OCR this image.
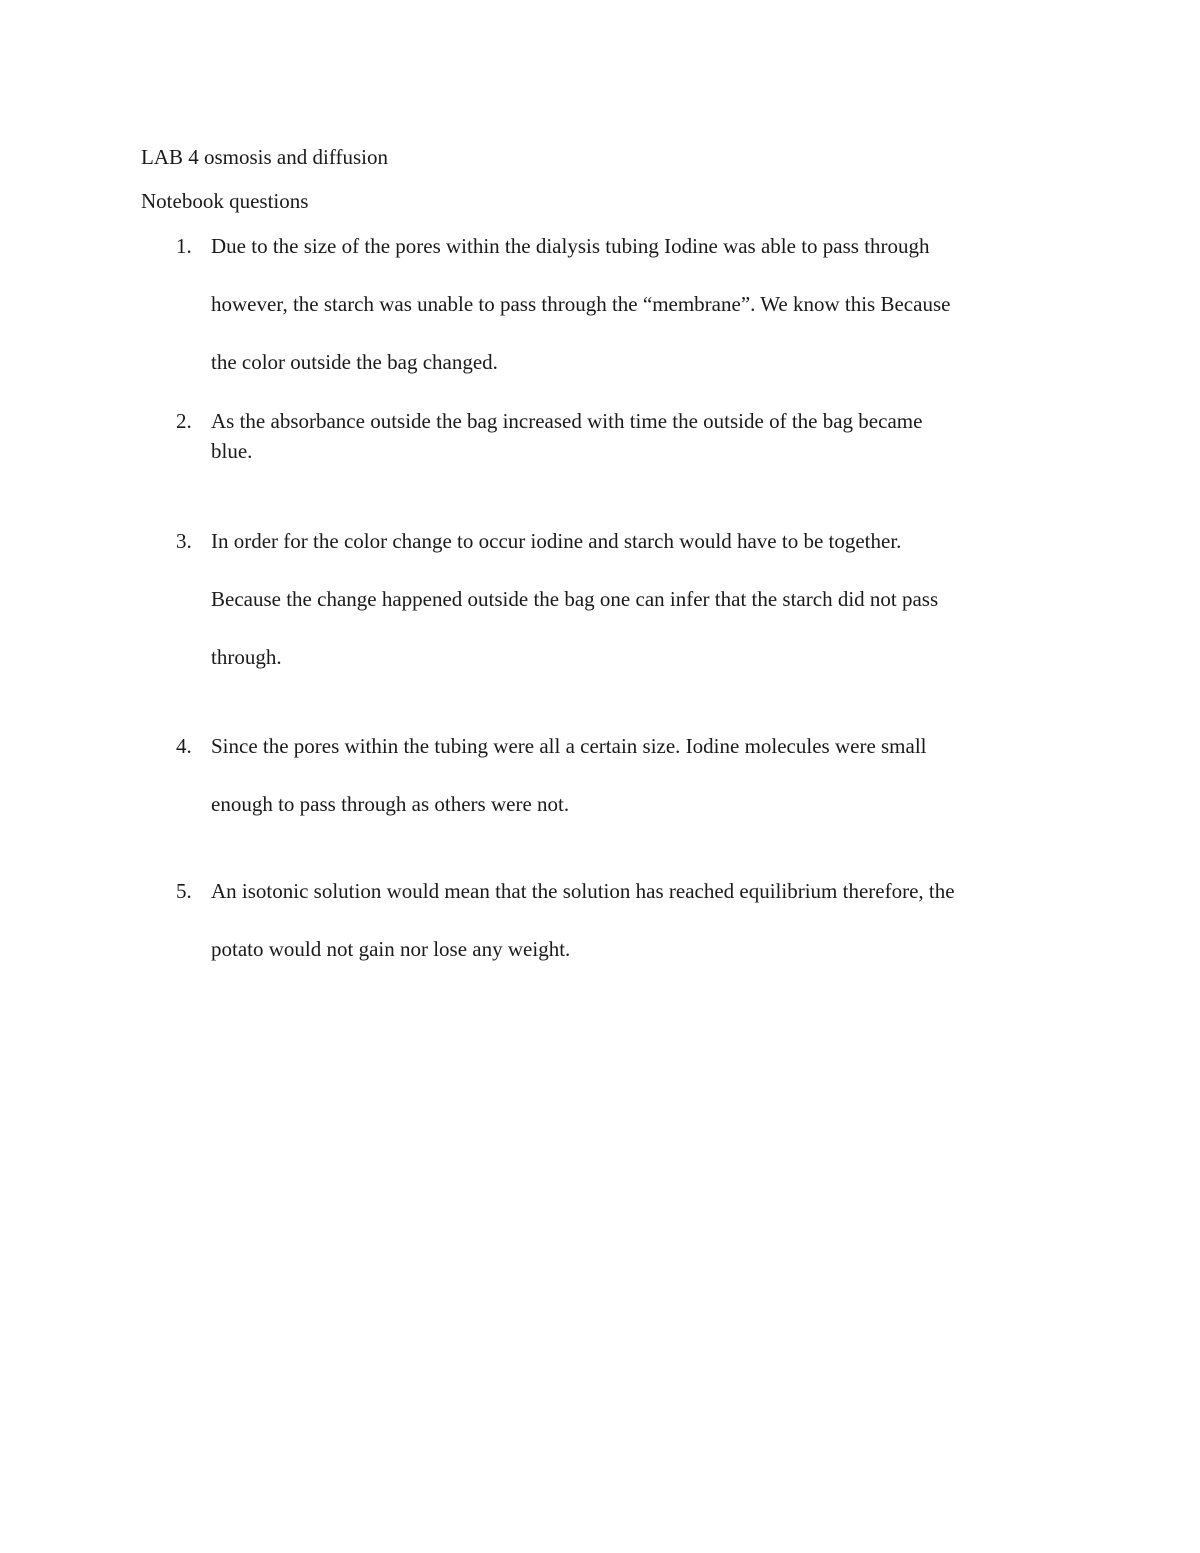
LAB 4 osmosis and diffusion
Notebook questions
1. Due to the size of the pores within the dialysis tubing Iodine was able to pass through
however, the starch was unable to pass through the “membrane”. We know this Because
the color outside the bag changed.
2. As the absorbance outside the bag increased with time the outside of the bag became
blue.
3. In order for the color change to occur iodine and starch would have to be together.
Because the change happened outside the bag one can infer that the starch did not pass
through.
4. Since the pores within the tubing were all a certain size. Iodine molecules were small
enough to pass through as others were not.
5. An isotonic solution would mean that the solution has reached equilibrium therefore, the
potato would not gain nor lose any weight.
